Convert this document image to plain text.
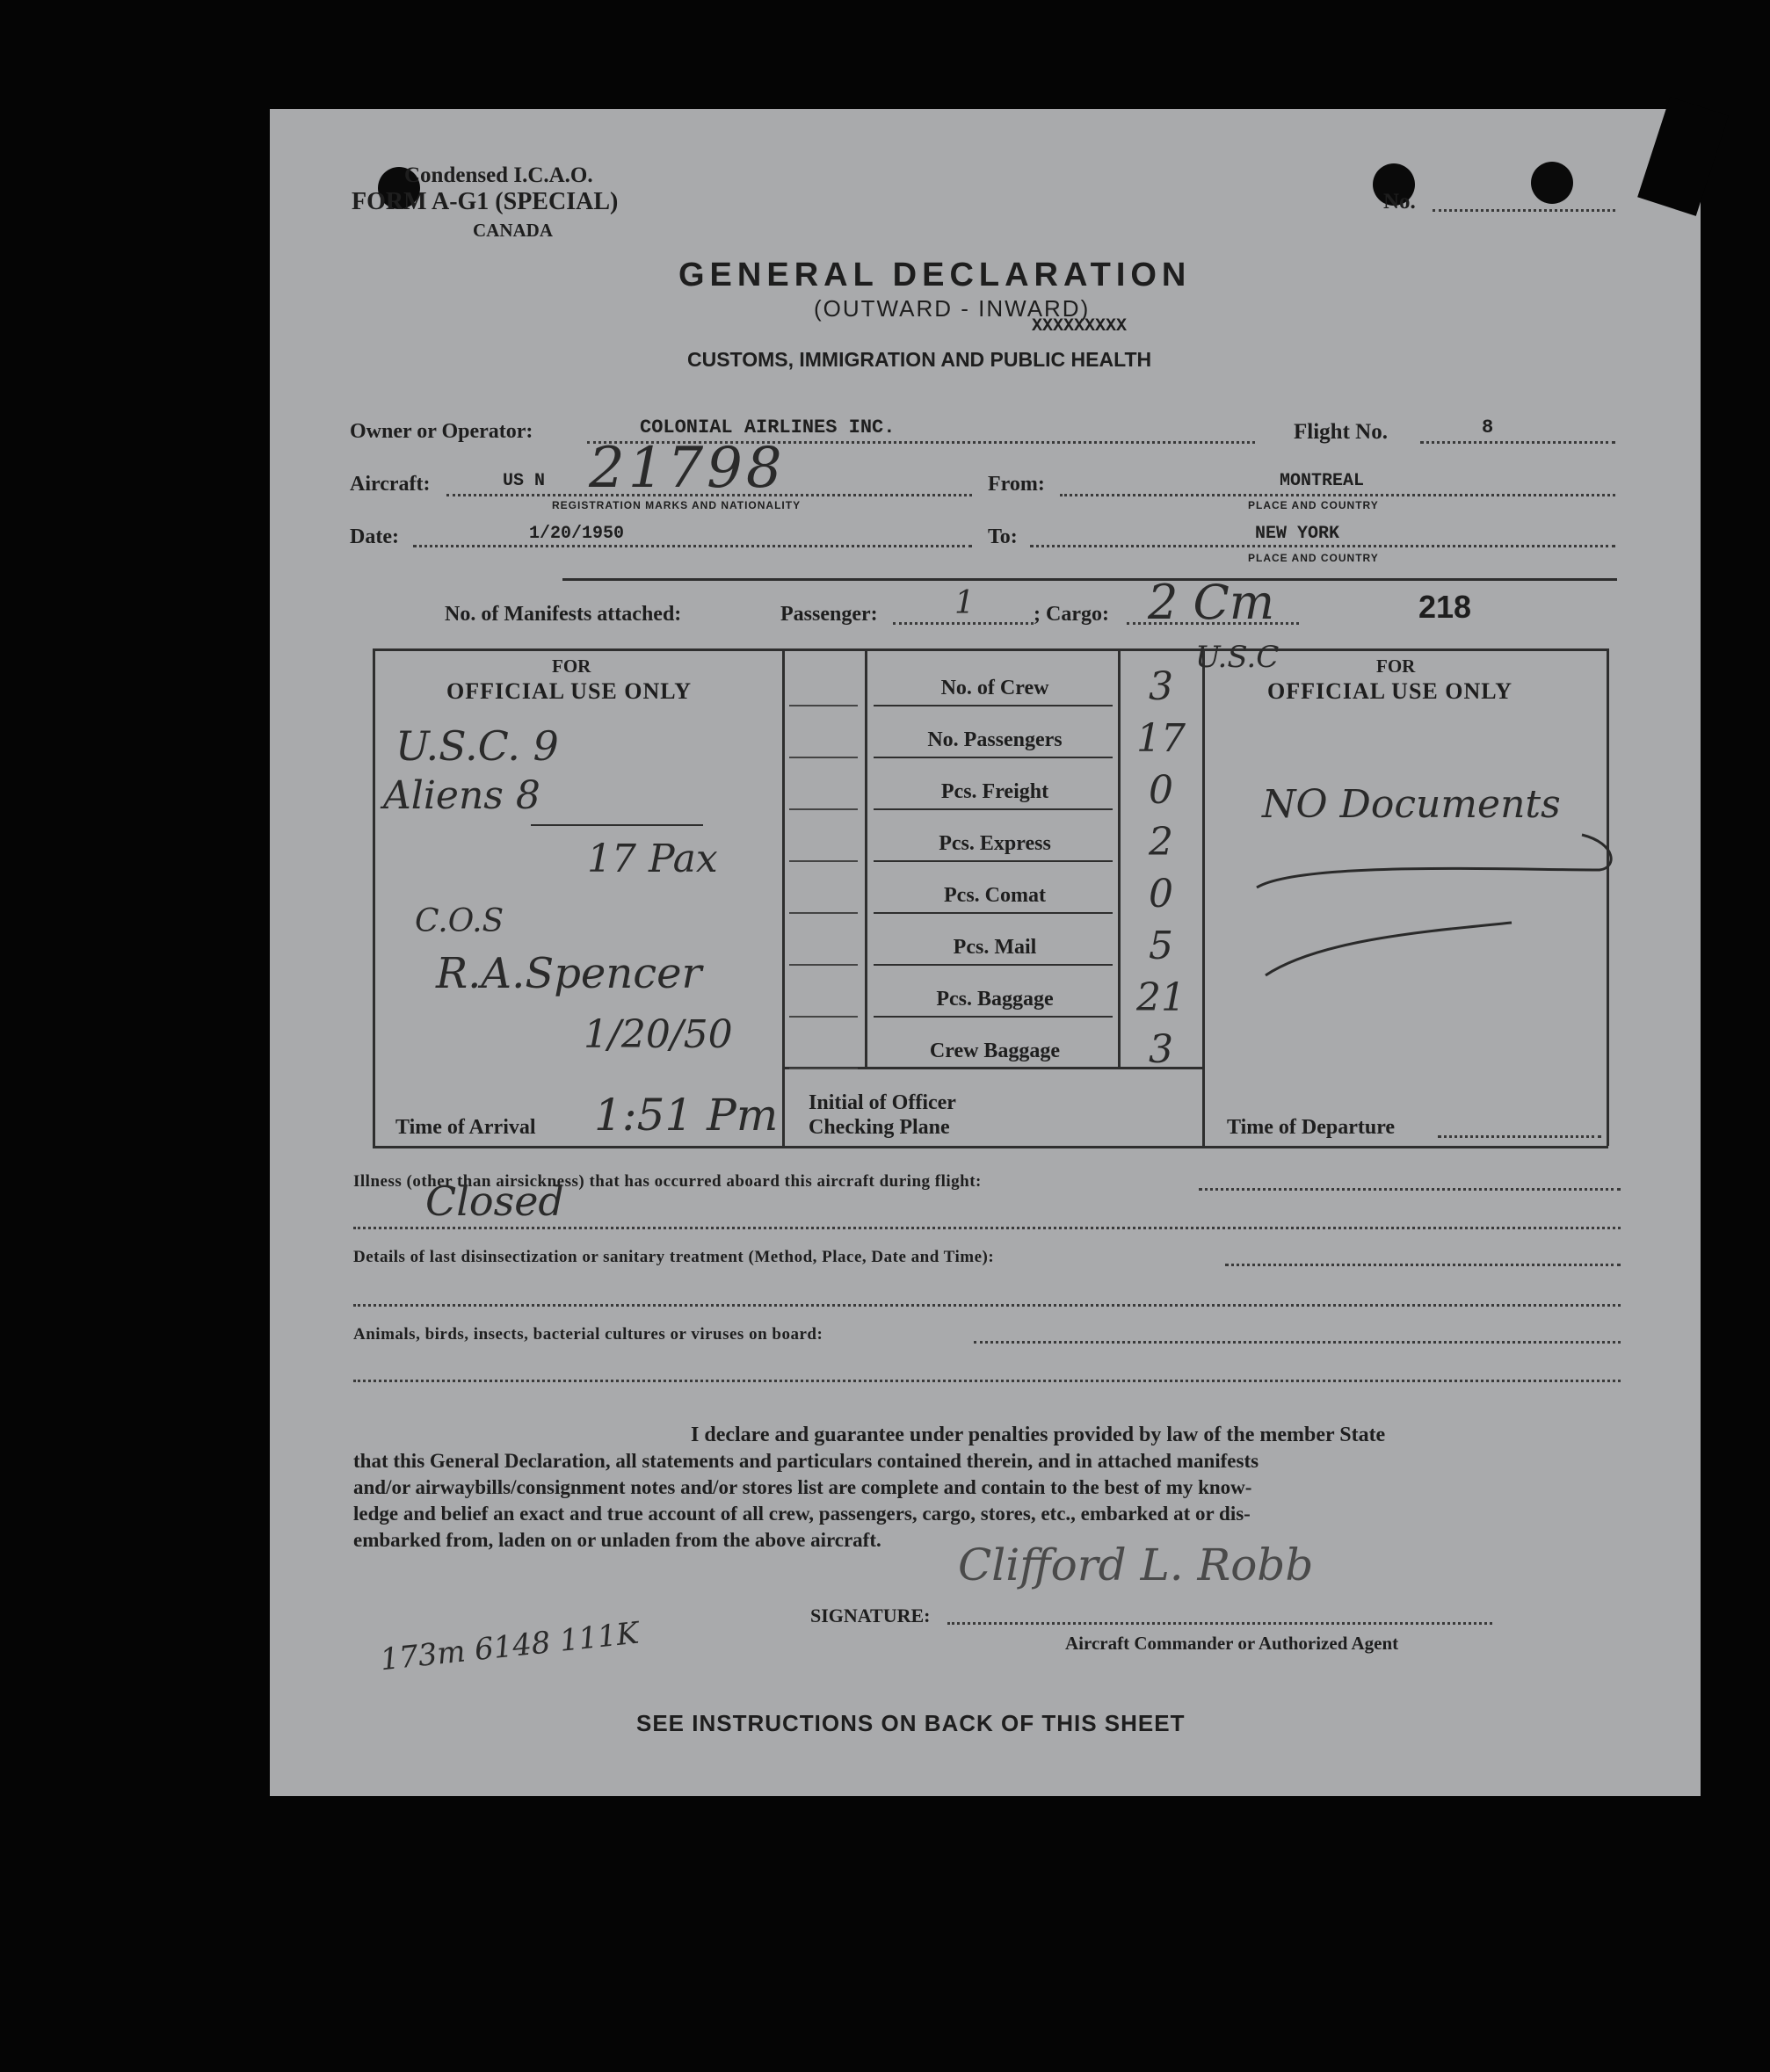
Condensed I.C.A.O.
FORM A-G1 (SPECIAL)
CANADA
No.
GENERAL DECLARATION
(OUTWARD - INWARD)
XXXXXXXXX
CUSTOMS, IMMIGRATION AND PUBLIC HEALTH
Owner or Operator:	COLONIAL AIRLINES INC.	Flight No.	8
Aircraft:	US N 21798
REGISTRATION MARKS AND NATIONALITY
From:	MONTREAL
PLACE AND COUNTRY
Date:	1/20/1950	To:	NEW YORK
PLACE AND COUNTRY
No. of Manifests attached:	Passenger: 1	; Cargo: 2 Cm	218
FOR
OFFICIAL USE ONLY
U.S.C. 9
Aliens 8
17 Pax
C.O.S
R.A.Spencer
1/20/50
Time of Arrival 1:51 Pm
No. of Crew	3
No. Passengers	17
Pcs. Freight	0
Pcs. Express	2
Pcs. Comat	0
Pcs. Mail	5
Pcs. Baggage	21
Crew Baggage	3
Initial of Officer
Checking Plane
U.S.C	FOR
OFFICIAL USE ONLY
NO Documents
Time of Departure
Illness (other than airsickness) that has occurred aboard this aircraft during flight:
Closed
Details of last disinsectization or sanitary treatment (Method, Place, Date and Time):
Animals, birds, insects, bacterial cultures or viruses on board:
I declare and guarantee under penalties provided by law of the member State
that this General Declaration, all statements and particulars contained therein, and in attached manifests
and/or airwaybills/consignment notes and/or stores list are complete and contain to the best of my know-
ledge and belief an exact and true account of all crew, passengers, cargo, stores, etc., embarked at or dis-
embarked from, laden on or unladen from the above aircraft. Clifford L. Robb
SIGNATURE:
Aircraft Commander or Authorized Agent
173m 6148 111K
SEE INSTRUCTIONS ON BACK OF THIS SHEET
